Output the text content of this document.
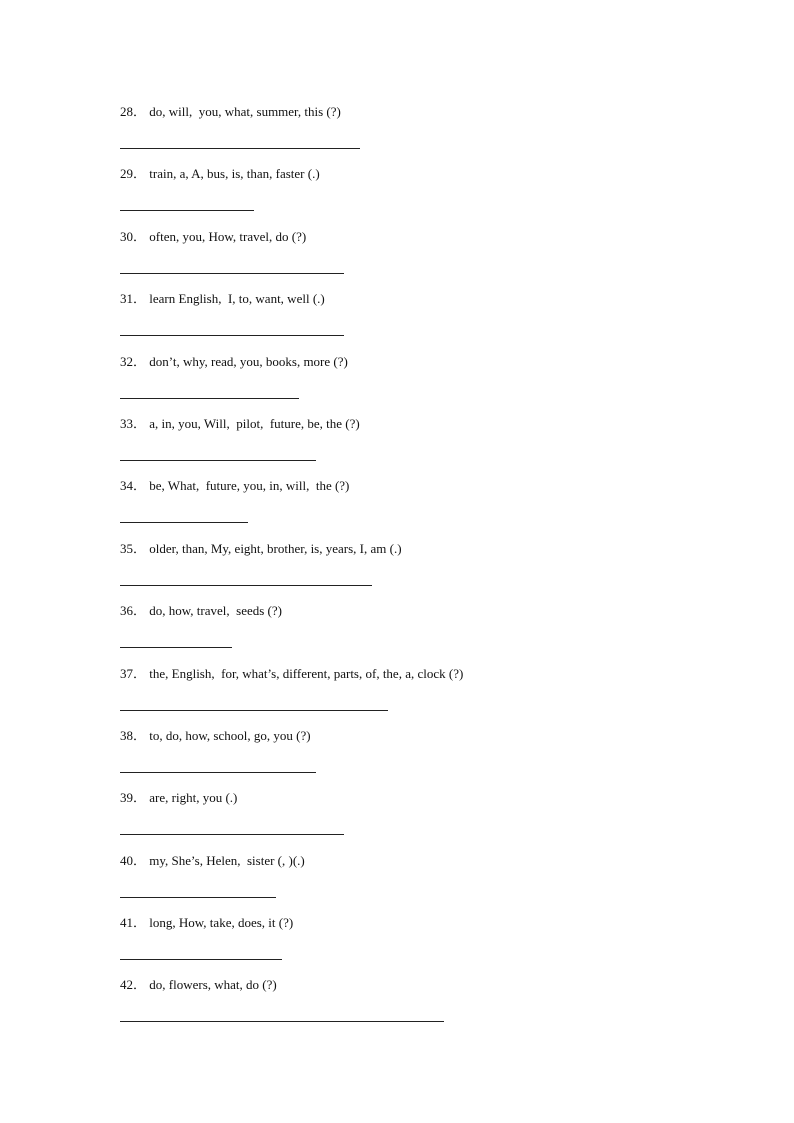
28． do, will,  you, what, summer, this (?)
29． train, a, A, bus, is, than, faster (.)
30． often, you, How, travel, do (?)
31． learn English,  I, to, want, well (.)
32． don’t, why, read, you, books, more (?)
33． a, in, you, Will,  pilot,  future, be, the (?)
34． be, What,  future, you, in, will,  the (?)
35． older, than, My, eight, brother, is, years, I, am (.)
36． do, how, travel,  seeds (?)
37． the, English,  for, what’s, different, parts, of, the, a, clock (?)
38． to, do, how, school, go, you (?)
39． are, right, you (.)
40． my, She’s, Helen,  sister (, )(.)
41． long, How, take, does, it (?)
42． do, flowers, what, do (?)
